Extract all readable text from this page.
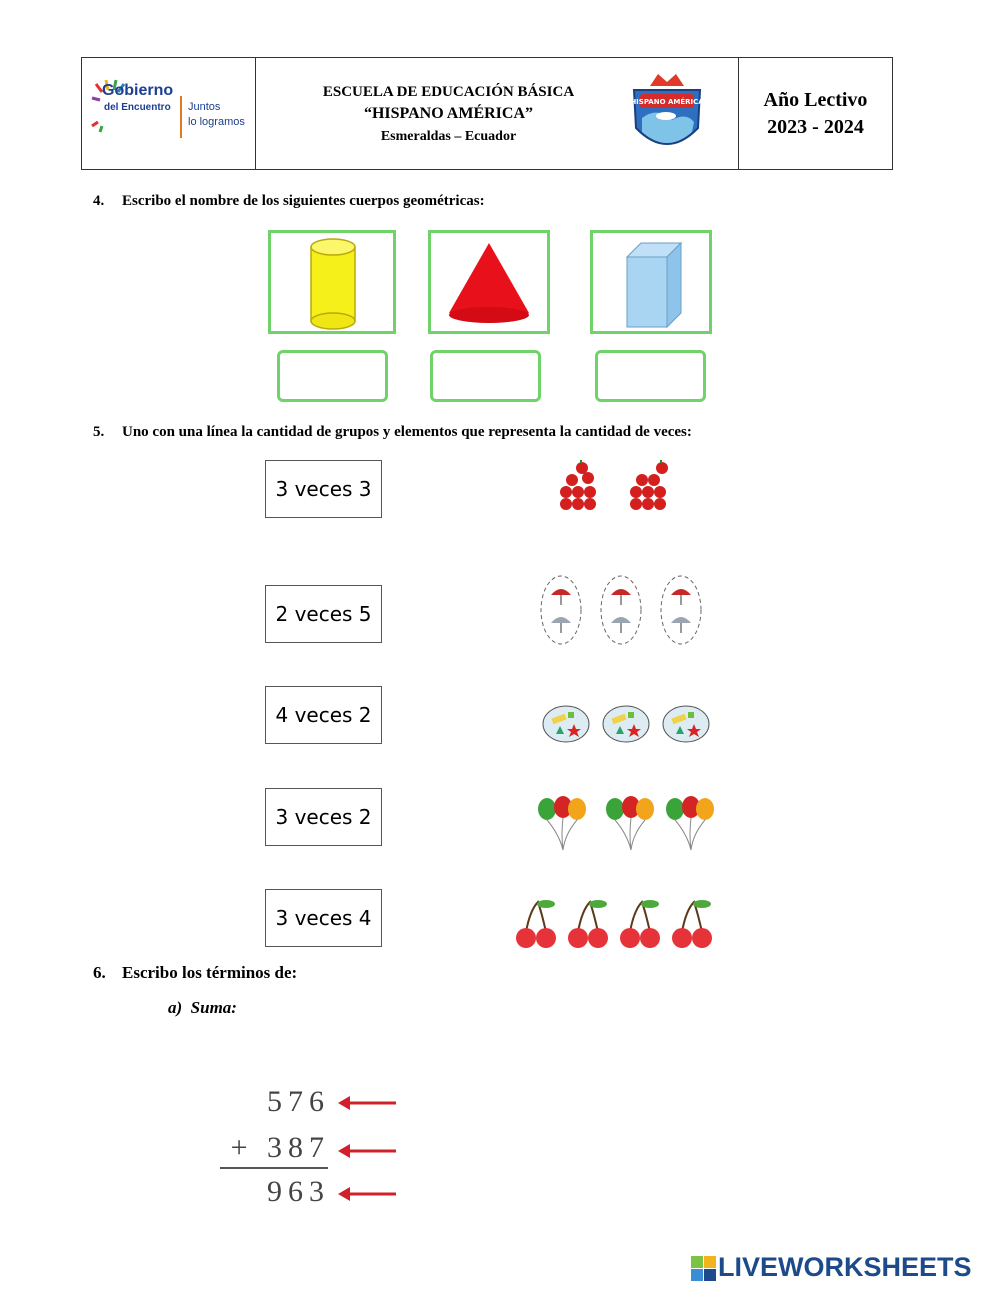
Gobierno
del Encuentro Juntos
lo logramos
ESCUELA DE EDUCACIÓN BÁSICA
“HISPANO AMÉRICA”
Esmeraldas – Ecuador
HISPANO AMÉRICA	Año Lectivo
2023 - 2024
4. Escribo el nombre de los siguientes cuerpos geométricas:
5. Uno con una línea la cantidad de grupos y elementos que representa la cantidad de veces:
3 veces 3
2 veces 5
4 veces 2
3 veces 2
3 veces 4
6. Escribo los términos de:
a) Suma:
576
+ 387
963
LIVEWORKSHEETS
